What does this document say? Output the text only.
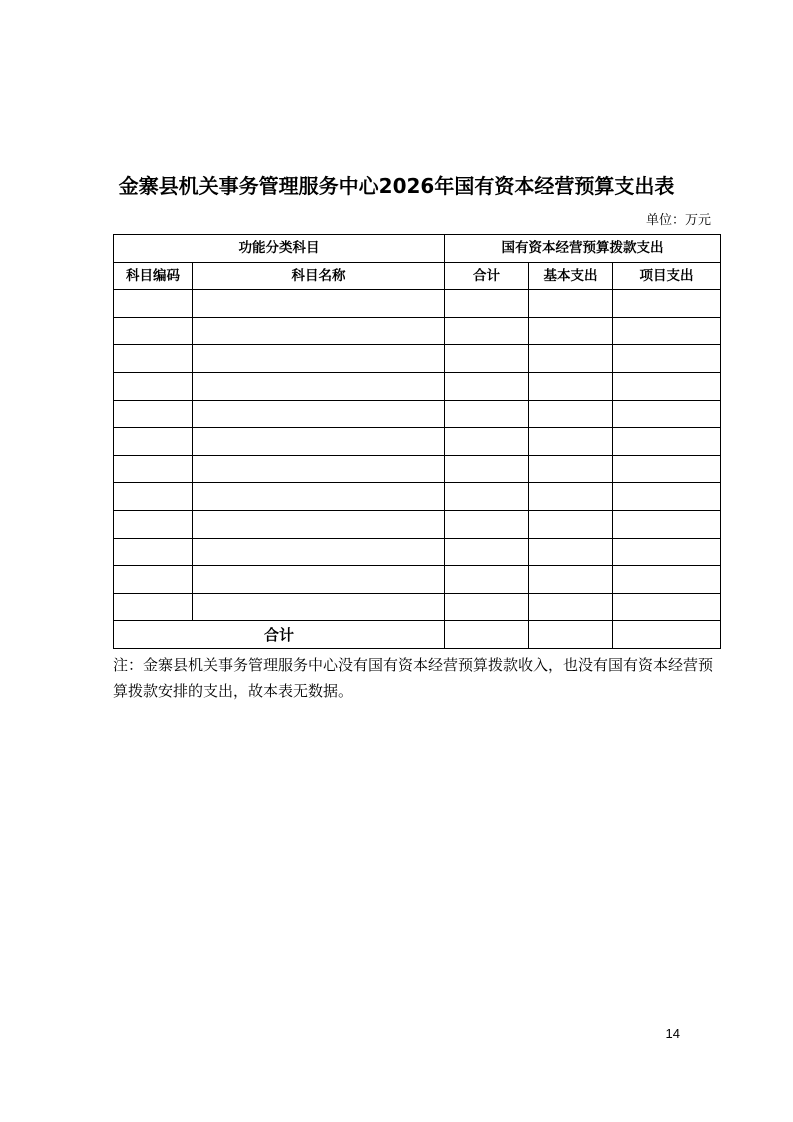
金寨县机关事务管理服务中心2026年国有资本经营预算支出表
单位：万元
功能分类科目		国有资本经营预算拨款支出		
科目编码	科目名称	合计	基本支出	项目支出

合计				
注：金寨县机关事务管理服务中心没有国有资本经营预算拨款收入，也没有国有资本经营预算拨款安排的支出，故本表无数据。
14
